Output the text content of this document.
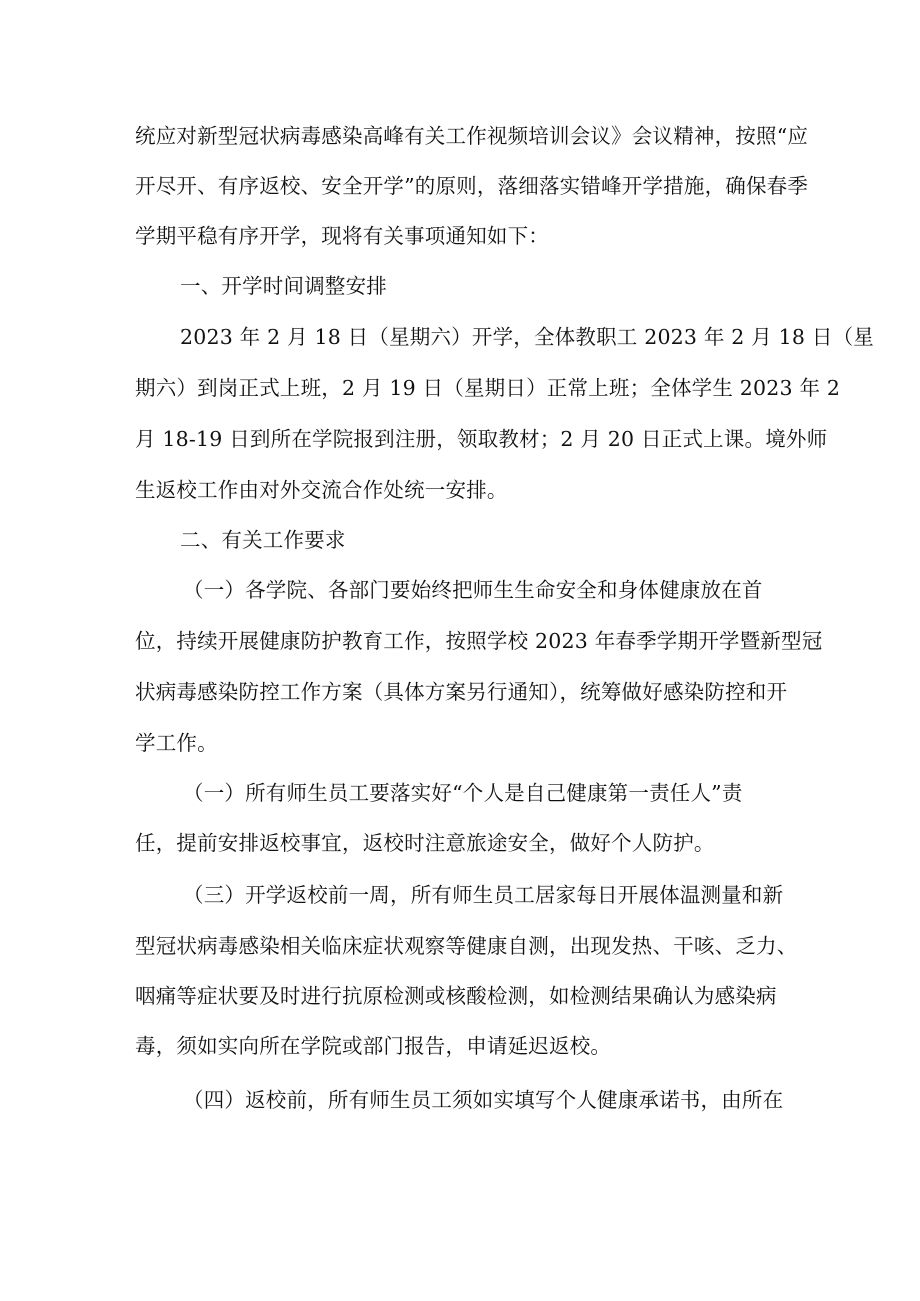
统应对新型冠状病毒感染高峰有关工作视频培训会议》会议精神，按照“应
开尽开、有序返校、安全开学”的原则，落细落实错峰开学措施，确保春季
学期平稳有序开学，现将有关事项通知如下：
一、开学时间调整安排
2023 年 2 月 18 日（星期六）开学，全体教职工 2023 年 2 月 18 日（星
期六）到岗正式上班，2 月 19 日（星期日）正常上班；全体学生 2023 年 2
月 18-19 日到所在学院报到注册，领取教材；2 月 20 日正式上课。境外师
生返校工作由对外交流合作处统一安排。
二、有关工作要求
（一）各学院、各部门要始终把师生生命安全和身体健康放在首
位，持续开展健康防护教育工作，按照学校 2023 年春季学期开学暨新型冠
状病毒感染防控工作方案（具体方案另行通知），统筹做好感染防控和开
学工作。
（一）所有师生员工要落实好“个人是自己健康第一责任人”责
任，提前安排返校事宜，返校时注意旅途安全，做好个人防护。
（三）开学返校前一周，所有师生员工居家每日开展体温测量和新
型冠状病毒感染相关临床症状观察等健康自测，出现发热、干咳、乏力、
咽痛等症状要及时进行抗原检测或核酸检测，如检测结果确认为感染病
毒，须如实向所在学院或部门报告，申请延迟返校。
（四）返校前，所有师生员工须如实填写个人健康承诺书，由所在
